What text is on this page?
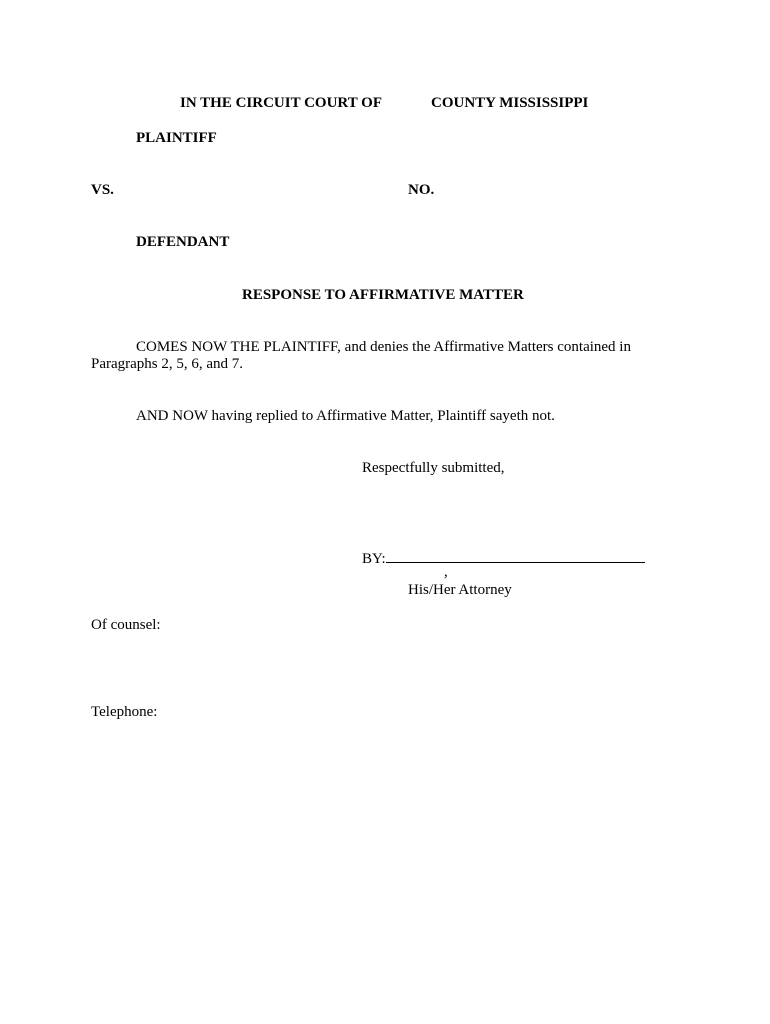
IN THE CIRCUIT COURT OF	COUNTY MISSISSIPPI
PLAINTIFF
VS.	NO.
DEFENDANT
RESPONSE TO AFFIRMATIVE MATTER
COMES NOW THE PLAINTIFF, and denies the Affirmative Matters contained in
Paragraphs 2, 5, 6, and 7.
AND NOW having replied to Affirmative Matter, Plaintiff sayeth not.
Respectfully submitted,
BY:
,
His/Her Attorney
Of counsel:
Telephone:
